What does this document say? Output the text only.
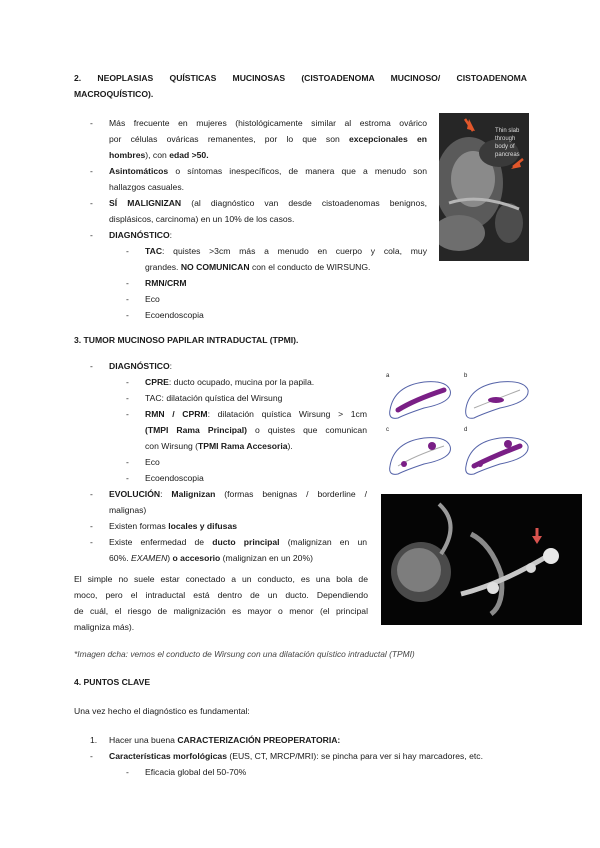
2. NEOPLASIAS QUÍSTICAS MUCINOSAS (CISTOADENOMA MUCINOSO/ CISTOADENOMA

MACROQUÍSTICO).

Thin slab through
body of pancreas
-	Más frecuente en mujeres (histológicamente similar al estroma ovárico

por células ováricas remanentes, por lo que son excepcionales en

hombres), con edad >50.

-	Asintomáticos o síntomas inespecíficos, de manera que a menudo son

hallazgos casuales.

-	SÍ MALIGNIZAN (al diagnóstico van desde cistoadenomas benignos,

displásicos, carcinoma) en un 10% de los casos.

-	DIAGNÓSTICO:

-	TAC: quistes >3cm más a menudo en cuerpo y cola, muy

grandes. NO COMUNICAN con el conducto de WIRSUNG.

-	RMN/CRM

-	Eco

-	Ecoendoscopia

3. TUMOR MUCINOSO PAPILAR INTRADUCTAL (TPMI).

-	DIAGNÓSTICO:

-	CPRE: ducto ocupado, mucina por la papila.

-	TAC: dilatación quística del Wirsung

-	RMN / CPRM: dilatación quística Wirsung > 1cm

(TMPI Rama Principal) o quistes que comunican

con Wirsung (TPMI Rama Accesoria).

-	Eco

-	Ecoendoscopia

-	EVOLUCIÓN: Malignizan (formas benignas / borderline /

malignas)

-	Existen formas locales y difusas

-	Existe enfermedad de ducto principal (malignizan en un

60%. EXAMEN) o accesorio (malignizan en un 20%)

a	b
c	d

El simple no suele estar conectado a un conducto, es una bola de

moco, pero el intraductal está dentro de un ducto. Dependiendo

de cuál, el riesgo de malignización es mayor o menor (el principal

maligniza más).

*Imagen dcha: vemos el conducto de Wirsung con una dilatación quístico intraductal (TPMI)

4. PUNTOS CLAVE

Una vez hecho el diagnóstico es fundamental:

1.	Hacer una buena CARACTERIZACIÓN PREOPERATORIA:

-	Características morfológicas (EUS, CT, MRCP/MRI): se pincha para ver si hay marcadores, etc.

-	Eficacia global del 50-70%
